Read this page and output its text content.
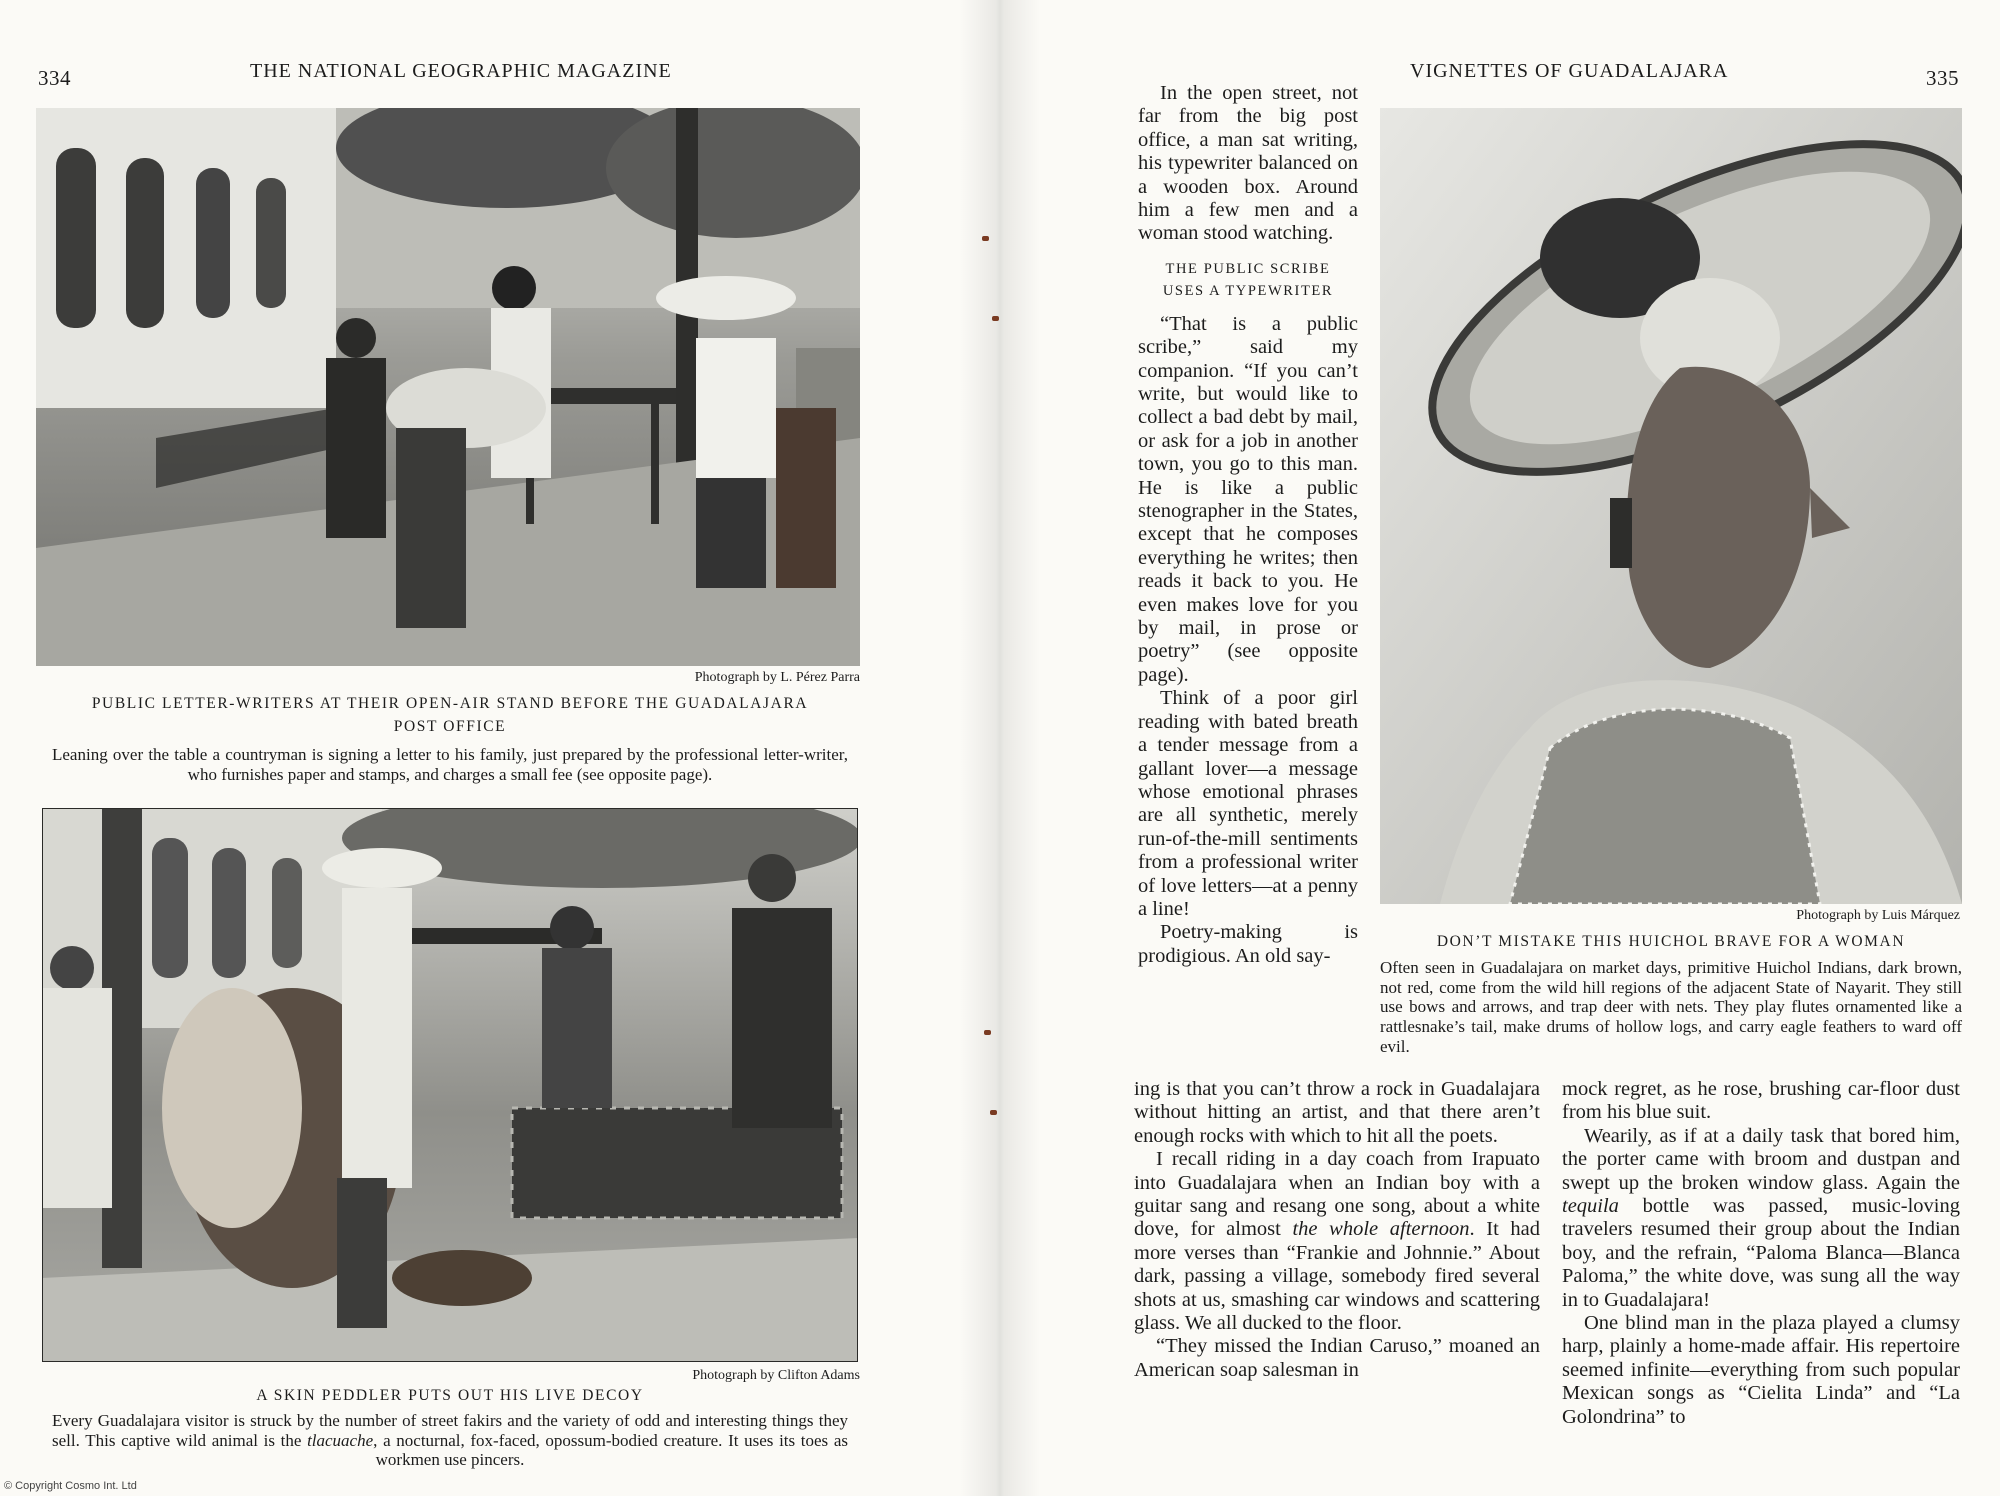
334	THE NATIONAL GEOGRAPHIC MAGAZINE
Photograph by L. Pérez Parra
PUBLIC LETTER-WRITERS AT THEIR OPEN-AIR STAND BEFORE THE GUADALAJARA POST OFFICE
Leaning over the table a countryman is signing a letter to his family, just prepared by the professional letter-writer, who furnishes paper and stamps, and charges a small fee (see opposite page).
Photograph by Clifton Adams
A SKIN PEDDLER PUTS OUT HIS LIVE DECOY
Every Guadalajara visitor is struck by the number of street fakirs and the variety of odd and interesting things they sell. This captive wild animal is the tlacuache, a nocturnal, fox-faced, opossum-bodied creature. It uses its toes as workmen use pincers.
VIGNETTES OF GUADALAJARA	335

In the open street, not far from the big post office, a man sat writing, his typewriter balanced on a wooden box. Around him a few men and a woman stood watching.

THE PUBLIC SCRIBE
USES A TYPEWRITER

“That is a public scribe,” said my companion. “If you can’t write, but would like to collect a bad debt by mail, or ask for a job in another town, you go to this man. He is like a public stenographer in the States, except that he composes everything he writes; then reads it back to you. He even makes love for you by mail, in prose or poetry” (see opposite page).

Think of a poor girl reading with bated breath a tender message from a gallant lover—a message whose emotional phrases are all synthetic, merely run-of-the-mill sentiments from a professional writer of love letters—at a penny a line!

Poetry-making is prodigious. An old say-

Photograph by Luis Márquez
DON’T MISTAKE THIS HUICHOL BRAVE FOR A WOMAN
Often seen in Guadalajara on market days, primitive Huichol Indians, dark brown, not red, come from the wild hill regions of the adjacent State of Nayarit. They still use bows and arrows, and trap deer with nets. They play flutes ornamented like a rattlesnake’s tail, make drums of hollow logs, and carry eagle feathers to ward off evil.

ing is that you can’t throw a rock in Guadalajara without hitting an artist, and that there aren’t enough rocks with which to hit all the poets.

I recall riding in a day coach from Irapuato into Guadalajara when an Indian boy with a guitar sang and resang one song, about a white dove, for almost the whole afternoon. It had more verses than “Frankie and Johnnie.” About dark, passing a village, somebody fired several shots at us, smashing car windows and scattering glass. We all ducked to the floor.

“They missed the Indian Caruso,” moaned an American soap salesman in

mock regret, as he rose, brushing car-floor dust from his blue suit.

Wearily, as if at a daily task that bored him, the porter came with broom and dustpan and swept up the broken window glass. Again the tequila bottle was passed, music-loving travelers resumed their group about the Indian boy, and the refrain, “Paloma Blanca—Blanca Paloma,” the white dove, was sung all the way in to Guadalajara!

One blind man in the plaza played a clumsy harp, plainly a home-made affair. His repertoire seemed infinite—everything from such popular Mexican songs as “Cielita Linda” and “La Golondrina” to

© Copyright Cosmo Int. Ltd
